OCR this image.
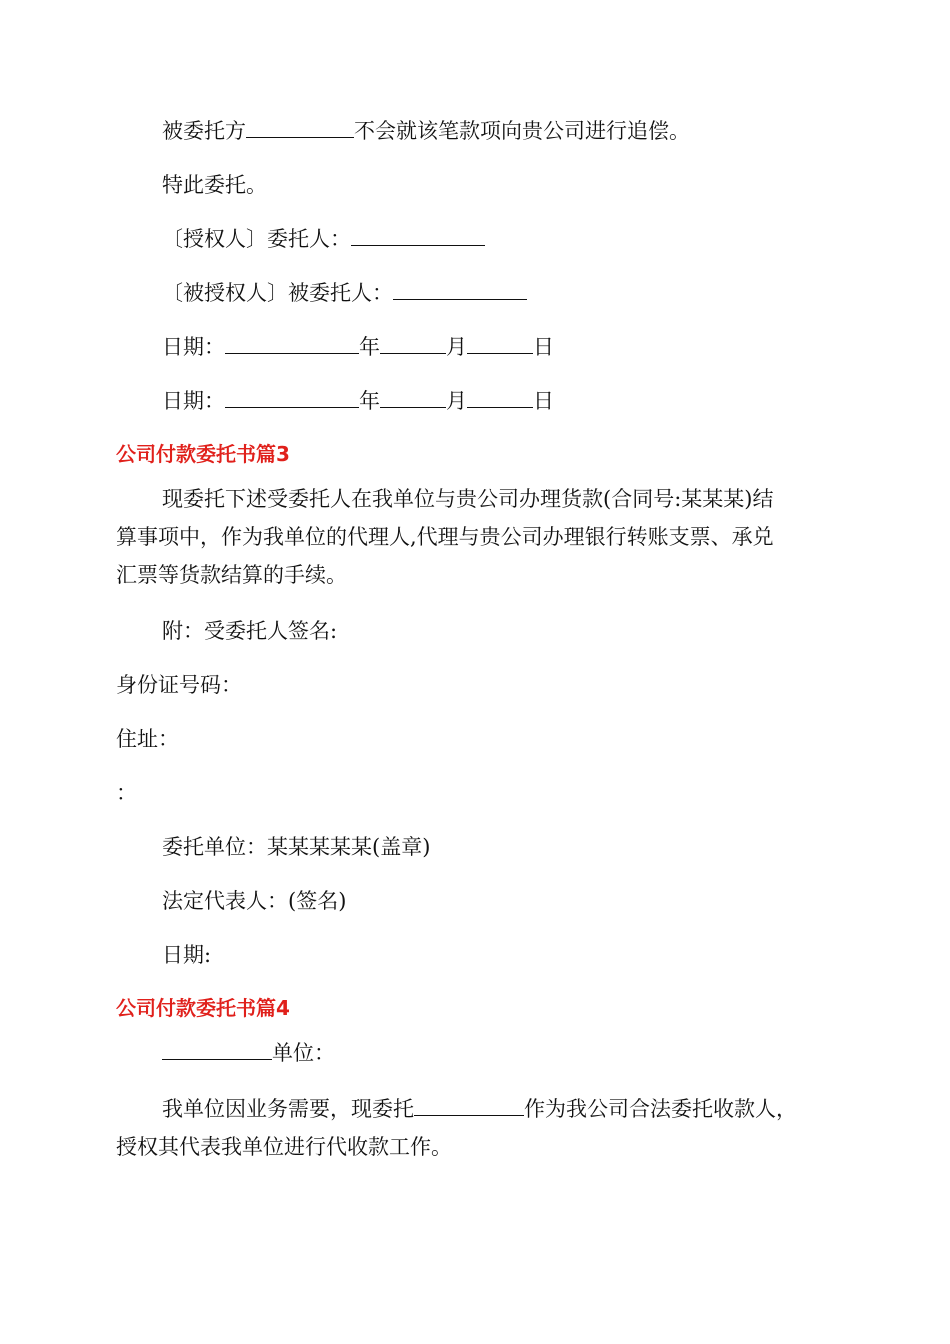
被委托方	不会就该笔款项向贵公司进行追偿。
特此委托。
〔授权人〕委托人：
〔被授权人〕被委托人：
日期：	年	月	日
日期：	年	月	日
公司付款委托书篇3
现委托下述受委托人在我单位与贵公司办理货款(合同号:某某某)结
算事项中，作为我单位的代理人,代理与贵公司办理银行转账支票、承兑
汇票等货款结算的手续。
附：受委托人签名:
身份证号码：
住址：
：
委托单位：某某某某某(盖章)
法定代表人：(签名)
日期:
公司付款委托书篇4
单位：
我单位因业务需要，现委托	作为我公司合法委托收款人，
授权其代表我单位进行代收款工作。
